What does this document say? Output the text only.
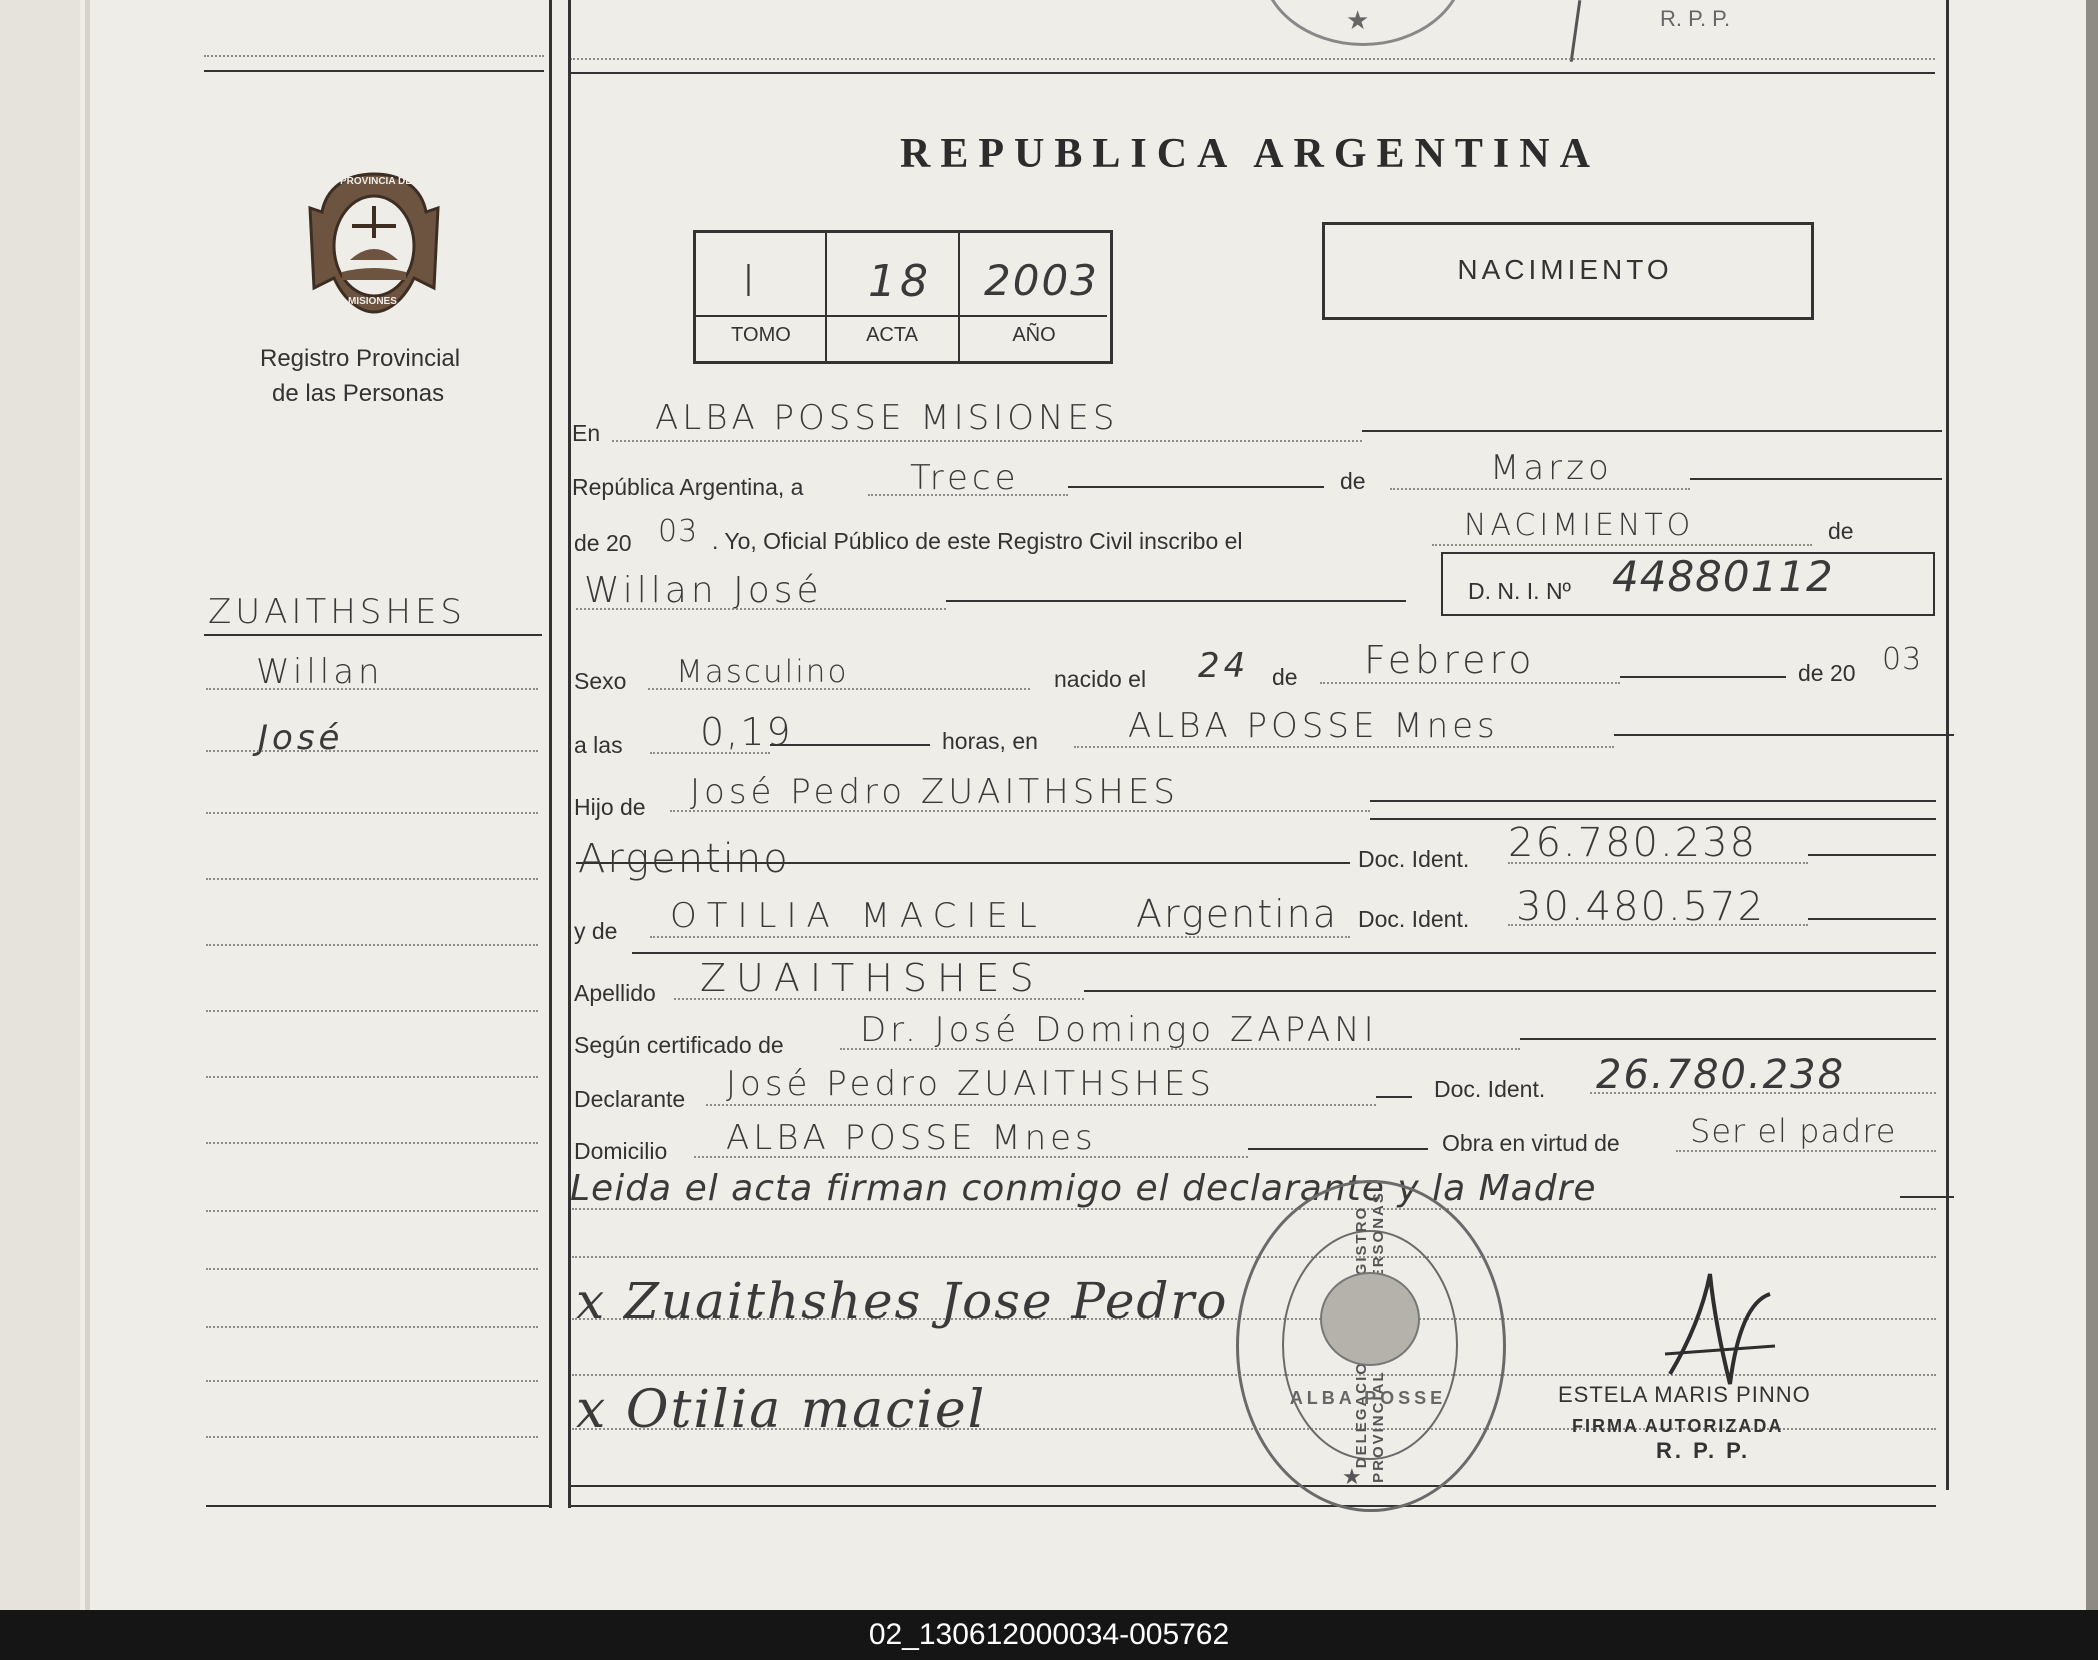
★	R. P. P.
PROVINCIA DE
MISIONES
Registro Provincial
de las Personas
ZUAITHSHES
Willan
José
REPUBLICA ARGENTINA
I 18 2003
TOMO	ACTA	AÑO
NACIMIENTO
En ALBA POSSE MISIONES
República Argentina, a	Trece	de	Marzo
de 20 03 . Yo, Oficial Público de este Registro Civil inscribo el	NACIMIENTO	de
Willan José	D. N. I. Nº 44880112
Sexo Masculino	nacido el 24 de Febrero	de 20 03
a las 0,19	horas, en	ALBA POSSE Mnes
Hijo de José Pedro ZUAITHSHES
Argentino	Doc. Ident. 26.780.238
y de OTILIA MACIEL Argentina Doc. Ident. 30.480.572
Apellido ZUAITHSHES
Según certificado de Dr. José Domingo ZAPANI
Declarante José Pedro ZUAITHSHES	Doc. Ident. 26.780.238
Domicilio ALBA POSSE Mnes	Obra en virtud de Ser el padre
Leida el acta firman conmigo el declarante y la Madre
x Zuaithshes Jose Pedro
x Otilia maciel	ALBA POSSE
★
ESTELA MARIS PINNO
FIRMA AUTORIZADA
R. P. P.
02_130612000034-005762
